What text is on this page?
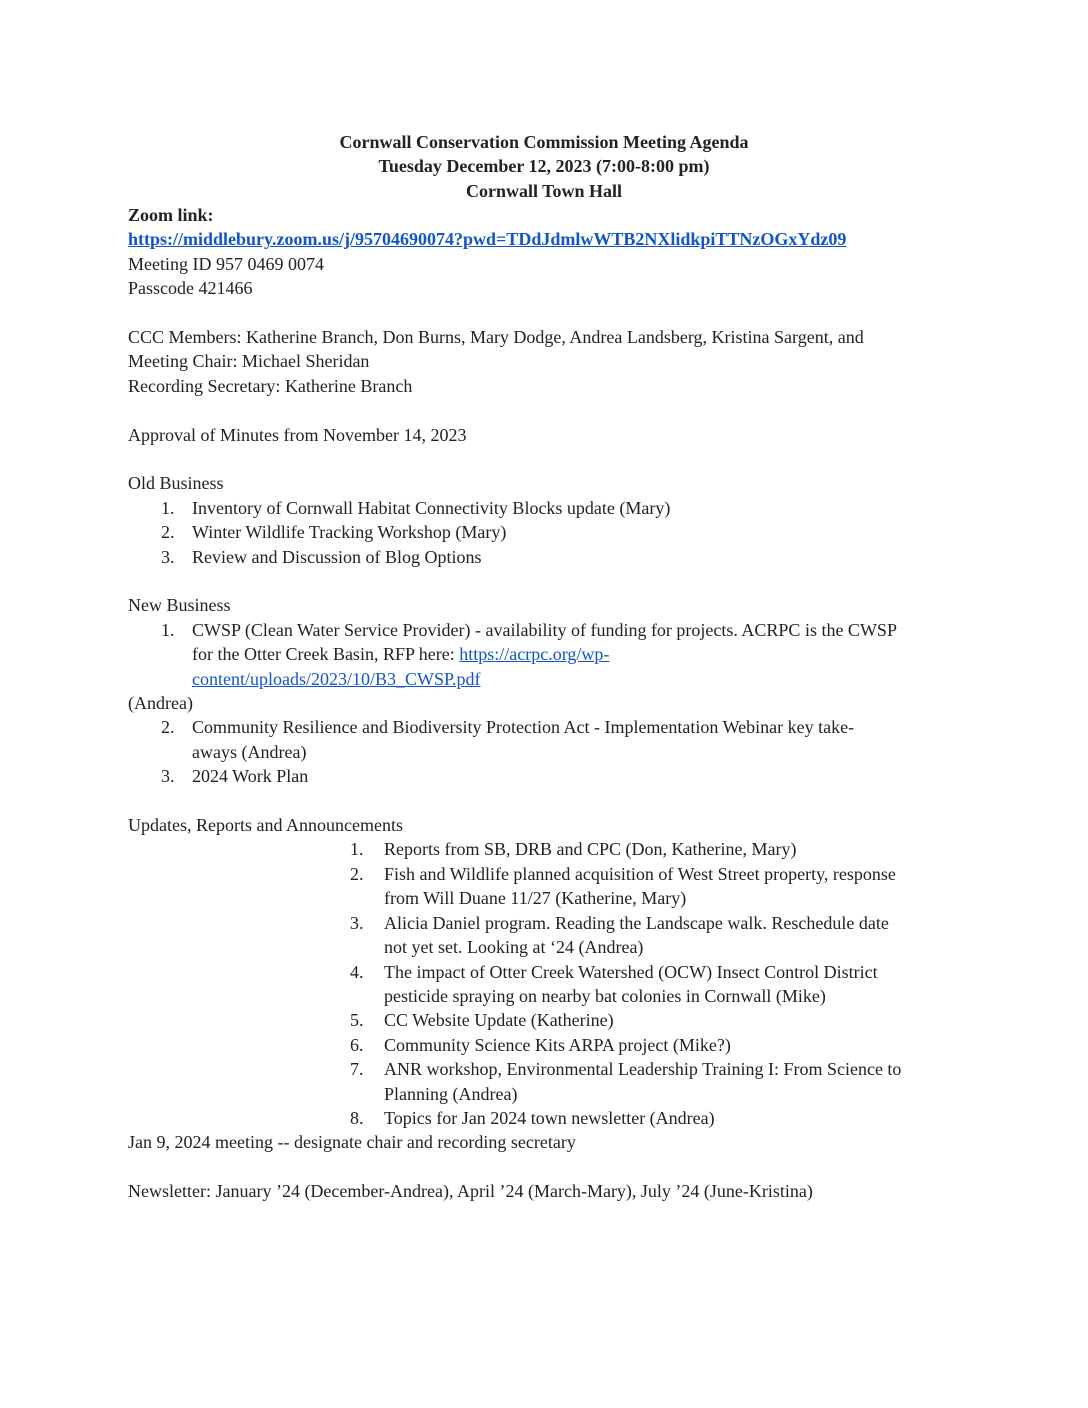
Cornwall Conservation Commission Meeting Agenda
Tuesday December 12, 2023 (7:00-8:00 pm)
Cornwall Town Hall
Zoom link:
https://middlebury.zoom.us/j/95704690074?pwd=TDdJdmlwWTB2NXlidkpiTTNzOGxYdz09
Meeting ID 957 0469 0074
Passcode 421466
CCC Members: Katherine Branch, Don Burns, Mary Dodge, Andrea Landsberg, Kristina Sargent, and
Meeting Chair: Michael Sheridan
Recording Secretary: Katherine Branch
Approval of Minutes from November 14, 2023
Old Business
1. Inventory of Cornwall Habitat Connectivity Blocks update (Mary)
2. Winter Wildlife Tracking Workshop (Mary)
3. Review and Discussion of Blog Options
New Business
1. CWSP (Clean Water Service Provider) - availability of funding for projects. ACRPC is the CWSP
for the Otter Creek Basin, RFP here: https://acrpc.org/wp-
content/uploads/2023/10/B3_CWSP.pdf
(Andrea)
2. Community Resilience and Biodiversity Protection Act - Implementation Webinar key take-
aways (Andrea)
3. 2024 Work Plan
Updates, Reports and Announcements
1. Reports from SB, DRB and CPC (Don, Katherine, Mary)
2. Fish and Wildlife planned acquisition of West Street property, response
from Will Duane 11/27 (Katherine, Mary)
3. Alicia Daniel program. Reading the Landscape walk. Reschedule date
not yet set. Looking at ‘24 (Andrea)
4. The impact of Otter Creek Watershed (OCW) Insect Control District
pesticide spraying on nearby bat colonies in Cornwall (Mike)
5. CC Website Update (Katherine)
6. Community Science Kits ARPA project (Mike?)
7. ANR workshop, Environmental Leadership Training I: From Science to
Planning (Andrea)
8. Topics for Jan 2024 town newsletter (Andrea)
Jan 9, 2024 meeting -- designate chair and recording secretary
Newsletter: January ’24 (December-Andrea), April ’24 (March-Mary), July ’24 (June-Kristina)
